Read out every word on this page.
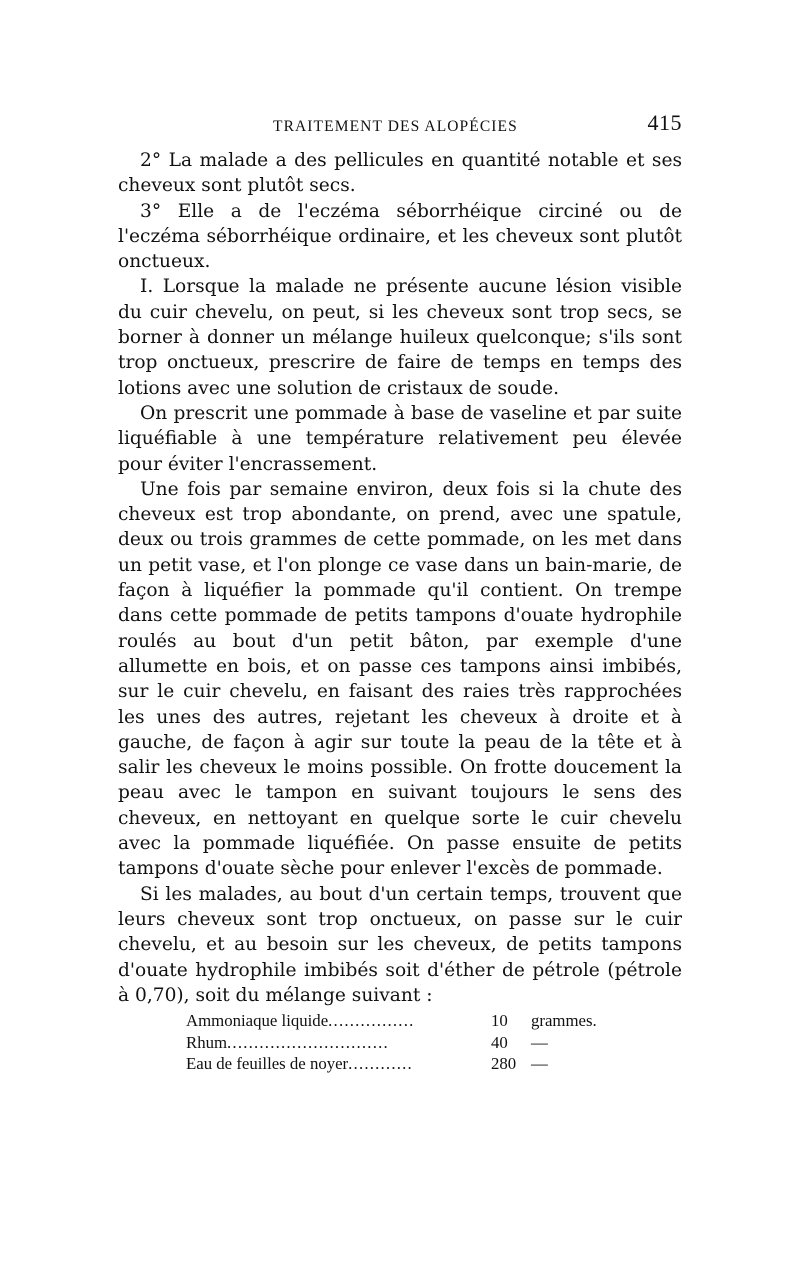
TRAITEMENT DES ALOPÉCIES	415

2° La malade a des pellicules en quantité notable et ses cheveux sont plutôt secs.

3° Elle a de l'eczéma séborrhéique circiné ou de l'eczéma séborrhéique ordinaire, et les cheveux sont plutôt onctueux.

I. Lorsque la malade ne présente aucune lésion visible du cuir chevelu, on peut, si les cheveux sont trop secs, se borner à donner un mélange huileux quelconque; s'ils sont trop onctueux, prescrire de faire de temps en temps des lotions avec une solution de cristaux de soude.

On prescrit une pommade à base de vaseline et par suite liquéfiable à une température relativement peu élevée pour éviter l'encrassement.

Une fois par semaine environ, deux fois si la chute des cheveux est trop abondante, on prend, avec une spatule, deux ou trois grammes de cette pommade, on les met dans un petit vase, et l'on plonge ce vase dans un bain-marie, de façon à liquéfier la pommade qu'il contient. On trempe dans cette pommade de petits tampons d'ouate hydrophile roulés au bout d'un petit bâton, par exemple d'une allumette en bois, et on passe ces tampons ainsi imbibés, sur le cuir chevelu, en faisant des raies très rapprochées les unes des autres, rejetant les cheveux à droite et à gauche, de façon à agir sur toute la peau de la tête et à salir les cheveux le moins possible. On frotte doucement la peau avec le tampon en suivant toujours le sens des cheveux, en nettoyant en quelque sorte le cuir chevelu avec la pommade liquéfiée. On passe ensuite de petits tampons d'ouate sèche pour enlever l'excès de pommade.

Si les malades, au bout d'un certain temps, trouvent que leurs cheveux sont trop onctueux, on passe sur le cuir chevelu, et au besoin sur les cheveux, de petits tampons d'ouate hydrophile imbibés soit d'éther de pétrole (pétrole à 0,70), soit du mélange suivant :

Ammoniaque liquide................	10	grammes.
Rhum..............................	40	—
Eau de feuilles de noyer............	280 —
